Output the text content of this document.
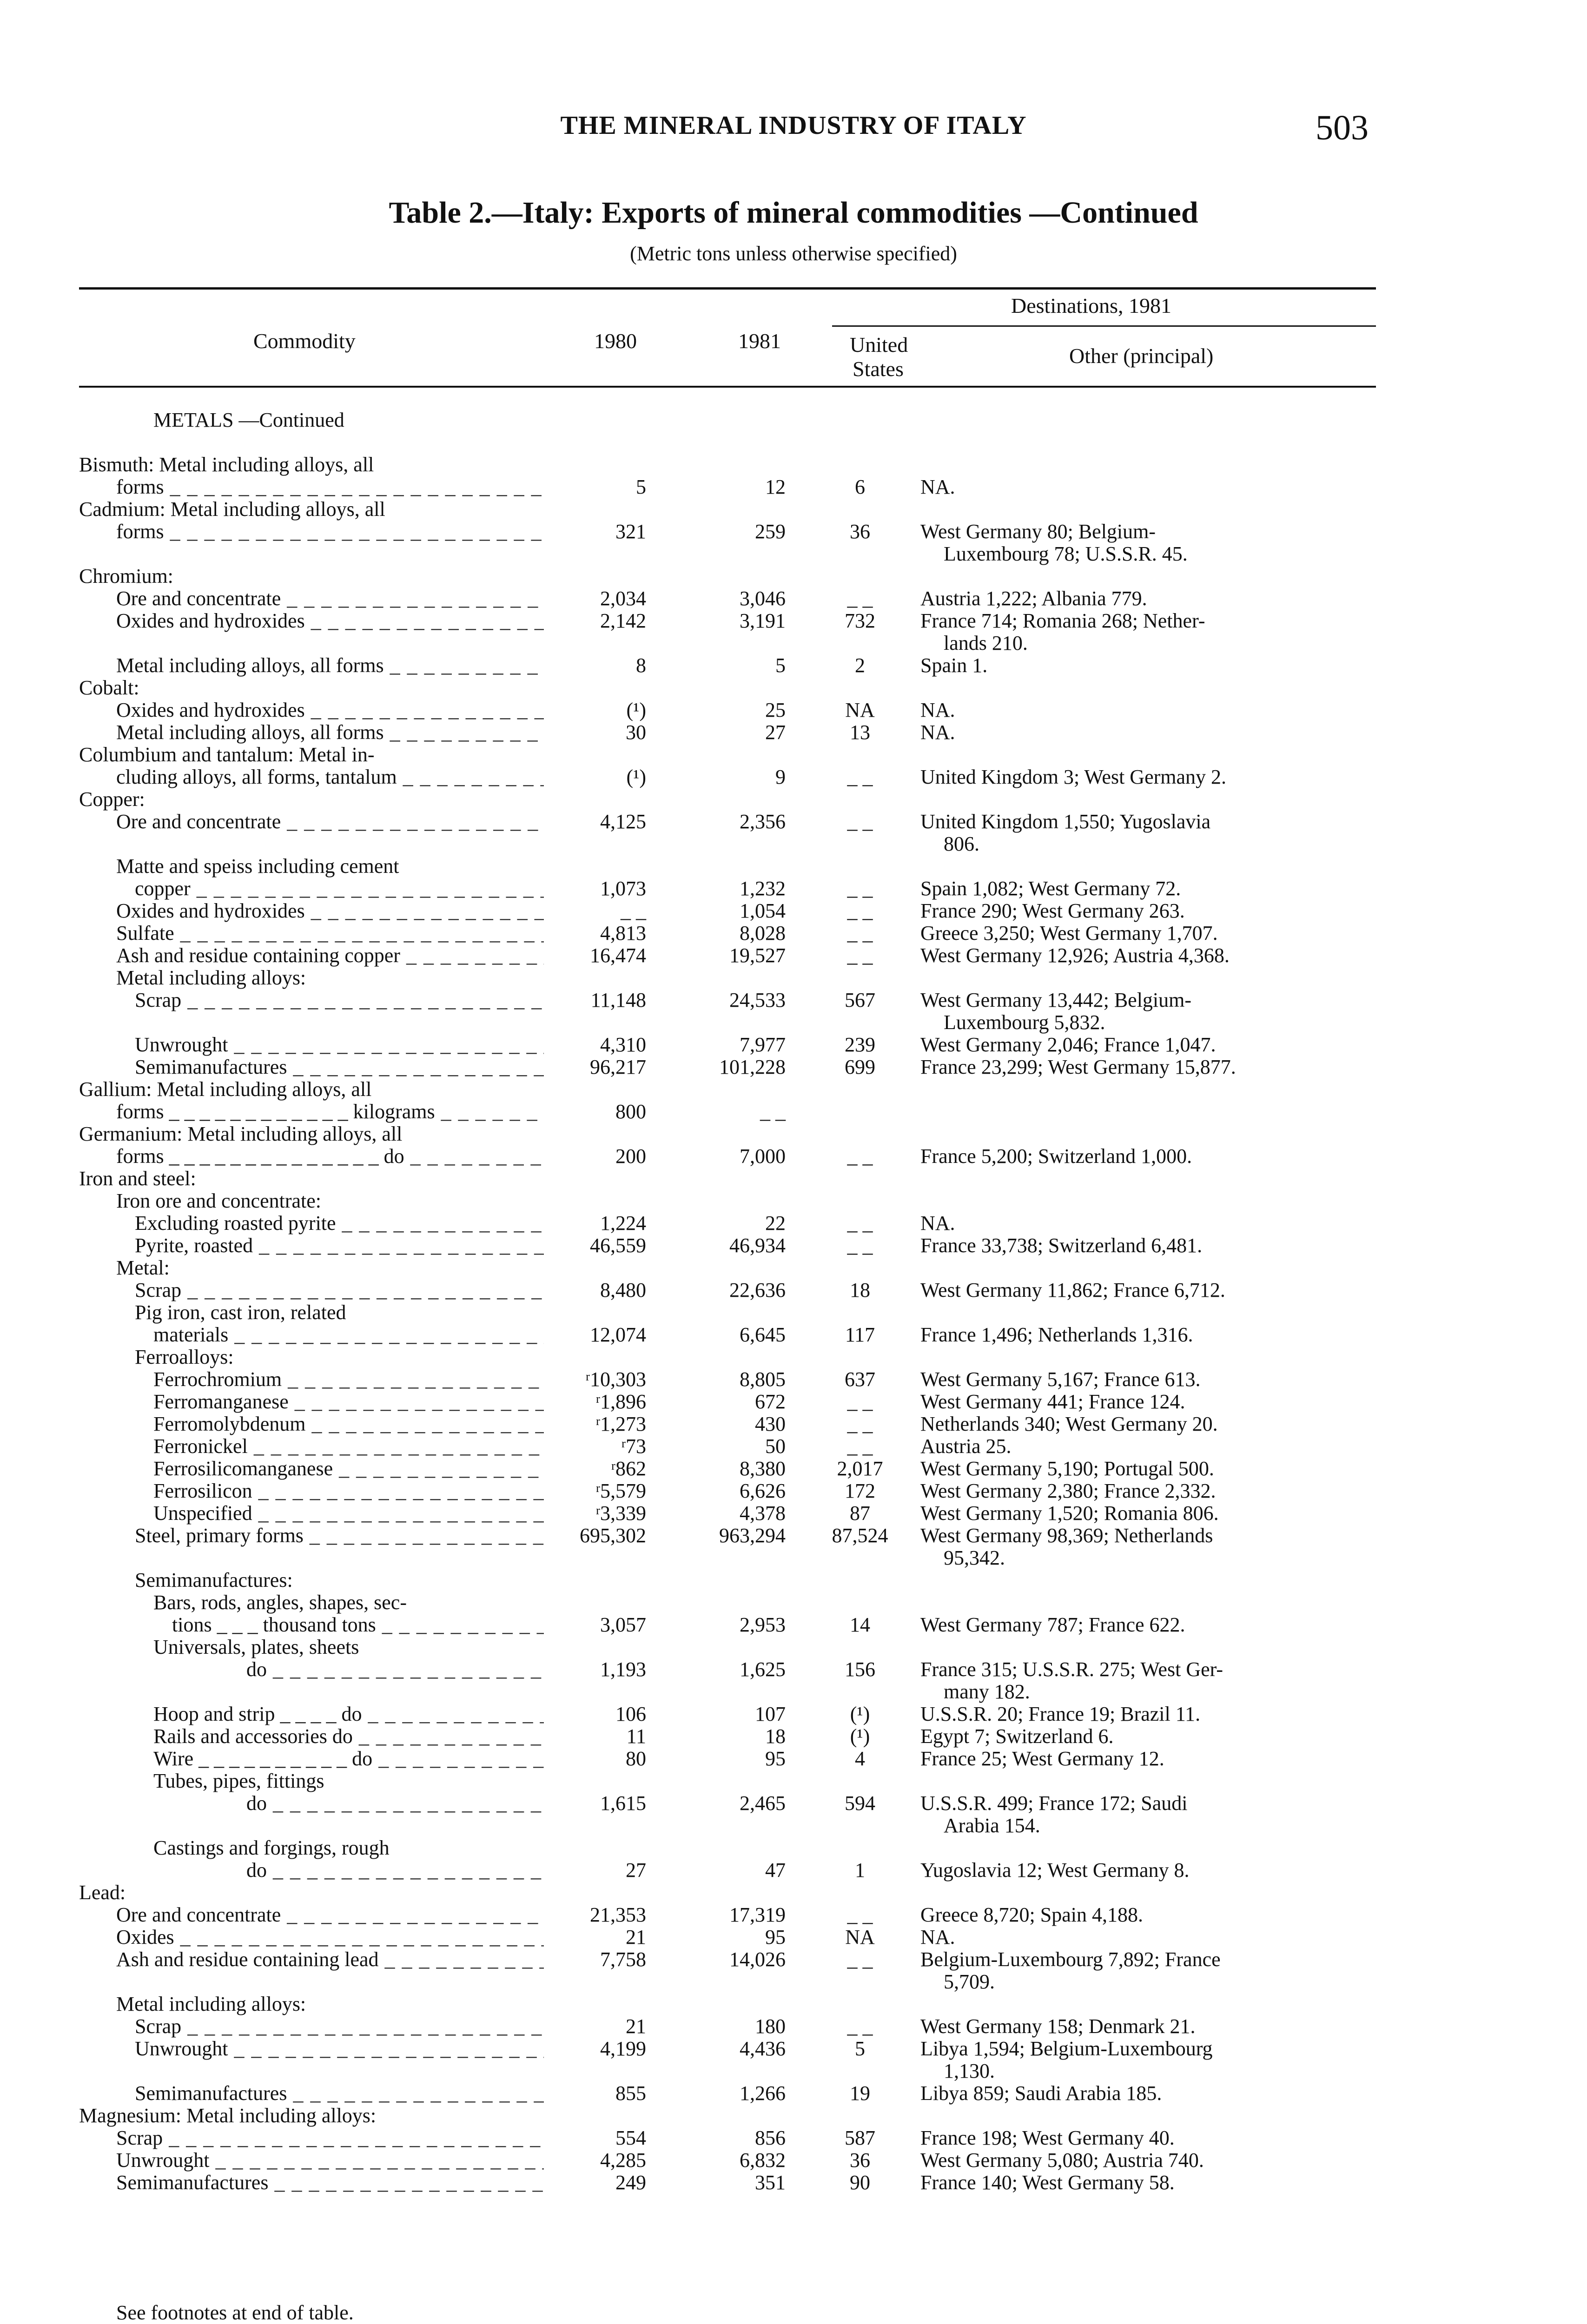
THE MINERAL INDUSTRY OF ITALY	503
Table 2.—Italy: Exports of mineral commodities —Continued
(Metric tons unless otherwise specified)
Commodity	1980	1981
Destinations, 1981
United
States
Other (principal)
METALS —Continued
Bismuth: Metal including alloys, all
forms _ _ _	5	12	6	NA.
Cadmium: Metal including alloys, all
forms _ _ _	321	259	36	West Germany 80; Belgium-
Luxembourg 78; U.S.S.R. 45.
Chromium:
Ore and concentrate _ _ _	2,034	3,046	_ _	Austria 1,222; Albania 779.
Oxides and hydroxides _ _ _	2,142	3,191	732	France 714; Romania 268; Nether-
lands 210.
Metal including alloys, all forms _ _ _	8	5	2	Spain 1.
Cobalt:
Oxides and hydroxides _ _ _	(¹)	25	NA	NA.
Metal including alloys, all forms _ _ _	30	27	13	NA.
Columbium and tantalum: Metal in-
cluding alloys, all forms, tantalum _ _ _	(¹)	9	_ _	United Kingdom 3; West Germany 2.
Copper:
Ore and concentrate _ _ _	4,125	2,356	_ _	United Kingdom 1,550; Yugoslavia
806.
Matte and speiss including cement
copper _ _ _	1,073	1,232	_ _	Spain 1,082; West Germany 72.
Oxides and hydroxides _ _ _	_ _	1,054	_ _	France 290; West Germany 263.
Sulfate _ _ _	4,813	8,028	_ _	Greece 3,250; West Germany 1,707.
Ash and residue containing copper _ _ _	16,474	19,527	_ _	West Germany 12,926; Austria 4,368.
Metal including alloys:
Scrap _ _ _	11,148	24,533	567	West Germany 13,442; Belgium-
Luxembourg 5,832.
Unwrought _ _ _	4,310	7,977	239	West Germany 2,046; France 1,047.
Semimanufactures _ _ _	96,217	101,228	699	France 23,299; West Germany 15,877.
Gallium: Metal including alloys, all
forms _ _ _ _ _ _ _ _ _ _ _ _ kilograms _ _ _	800	_ _
Germanium: Metal including alloys, all
forms _ _ _ _ _ _ _ _ _ _ _ _ _ _ do _ _ _	200	7,000	_ _	France 5,200; Switzerland 1,000.
Iron and steel:
Iron ore and concentrate:
Excluding roasted pyrite _ _ _	1,224	22	_ _	NA.
Pyrite, roasted _ _ _	46,559	46,934	_ _	France 33,738; Switzerland 6,481.
Metal:
Scrap _ _ _	8,480	22,636	18	West Germany 11,862; France 6,712.
Pig iron, cast iron, related
materials _ _ _	12,074	6,645	117	France 1,496; Netherlands 1,316.
Ferroalloys:
Ferrochromium _ _ _	ʳ10,303	8,805	637	West Germany 5,167; France 613.
Ferromanganese _ _ _	ʳ1,896	672	_ _	West Germany 441; France 124.
Ferromolybdenum _ _ _	ʳ1,273	430	_ _	Netherlands 340; West Germany 20.
Ferronickel _ _ _	ʳ73	50	_ _	Austria 25.
Ferrosilicomanganese _ _ _	ʳ862	8,380	2,017	West Germany 5,190; Portugal 500.
Ferrosilicon _ _ _	ʳ5,579	6,626	172	West Germany 2,380; France 2,332.
Unspecified _ _ _	ʳ3,339	4,378	87	West Germany 1,520; Romania 806.
Steel, primary forms _ _ _	695,302	963,294	87,524	West Germany 98,369; Netherlands
95,342.
Semimanufactures:
Bars, rods, angles, shapes, sec-
tions _ _ _ thousand tons _ _ _	3,057	2,953	14	West Germany 787; France 622.
Universals, plates, sheets
do _ _ _	1,193	1,625	156	France 315; U.S.S.R. 275; West Ger-
many 182.
Hoop and strip _ _ _ _ do _ _ _	106	107	(¹)	U.S.S.R. 20; France 19; Brazil 11.
Rails and accessories do _ _ _	11	18	(¹)	Egypt 7; Switzerland 6.
Wire _ _ _ _ _ _ _ _ _ _ do _ _ _	80	95	4	France 25; West Germany 12.
Tubes, pipes, fittings
do _ _ _	1,615	2,465	594	U.S.S.R. 499; France 172; Saudi
Arabia 154.
Castings and forgings, rough
do _ _ _	27	47	1	Yugoslavia 12; West Germany 8.
Lead:
Ore and concentrate _ _ _	21,353	17,319	_ _	Greece 8,720; Spain 4,188.
Oxides _ _ _	21	95	NA	NA.
Ash and residue containing lead _ _ _	7,758	14,026	_ _	Belgium-Luxembourg 7,892; France
5,709.
Metal including alloys:
Scrap _ _ _	21	180	_ _	West Germany 158; Denmark 21.
Unwrought _ _ _	4,199	4,436	5	Libya 1,594; Belgium-Luxembourg
1,130.
Semimanufactures _ _ _	855	1,266	19	Libya 859; Saudi Arabia 185.
Magnesium: Metal including alloys:
Scrap _ _ _	554	856	587	France 198; West Germany 40.
Unwrought _ _ _	4,285	6,832	36	West Germany 5,080; Austria 740.
Semimanufactures _ _ _	249	351	90	France 140; West Germany 58.
See footnotes at end of table.
